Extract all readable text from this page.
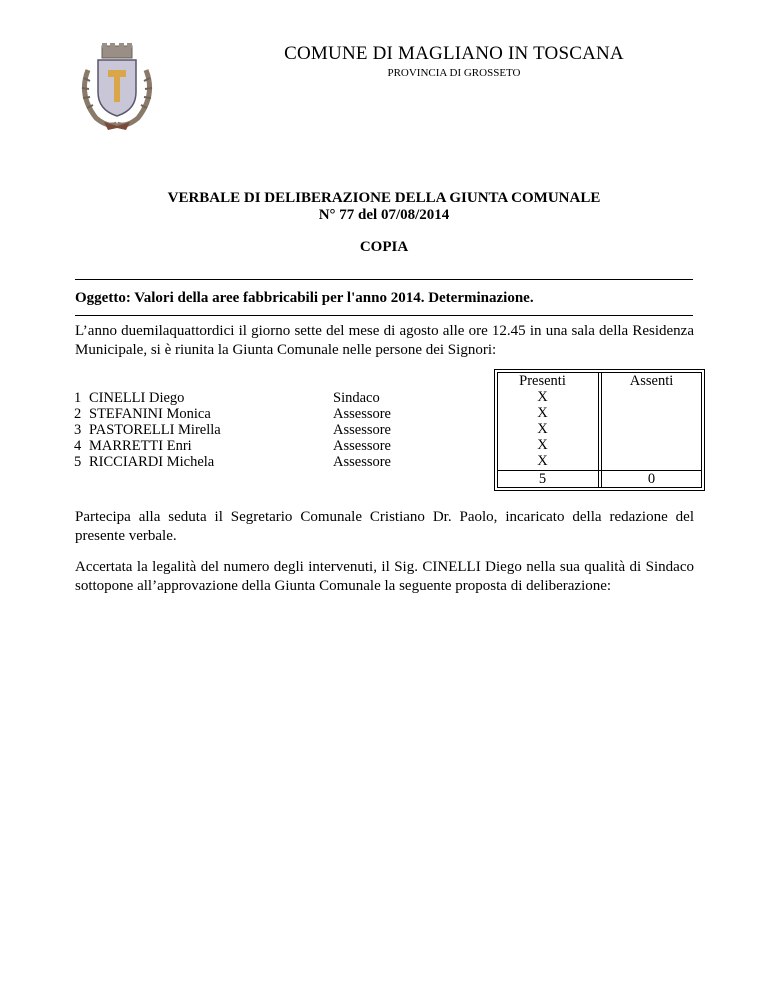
COMUNE DI MAGLIANO IN TOSCANA
PROVINCIA DI GROSSETO
VERBALE DI DELIBERAZIONE DELLA GIUNTA COMUNALE
N° 77 del 07/08/2014
COPIA
Oggetto: Valori della aree fabbricabili per l'anno 2014. Determinazione.
L’anno duemilaquattordici il giorno sette del mese di agosto alle ore 12.45 in una sala della Residenza Municipale, si è riunita la Giunta Comunale nelle persone dei Signori:
1 CINELLI Diego	Sindaco
2 STEFANINI Monica	Assessore
3 PASTORELLI Mirella	Assessore
4 MARRETTI Enri	Assessore
5 RICCIARDI Michela	Assessore
Presenti	Assenti
X
X
X
X
X
5	0
Partecipa alla seduta il Segretario Comunale Cristiano Dr. Paolo, incaricato della redazione del presente verbale.
Accertata la legalità del numero degli intervenuti, il Sig. CINELLI Diego nella sua qualità di Sindaco sottopone all’approvazione della Giunta Comunale la seguente proposta di deliberazione:
